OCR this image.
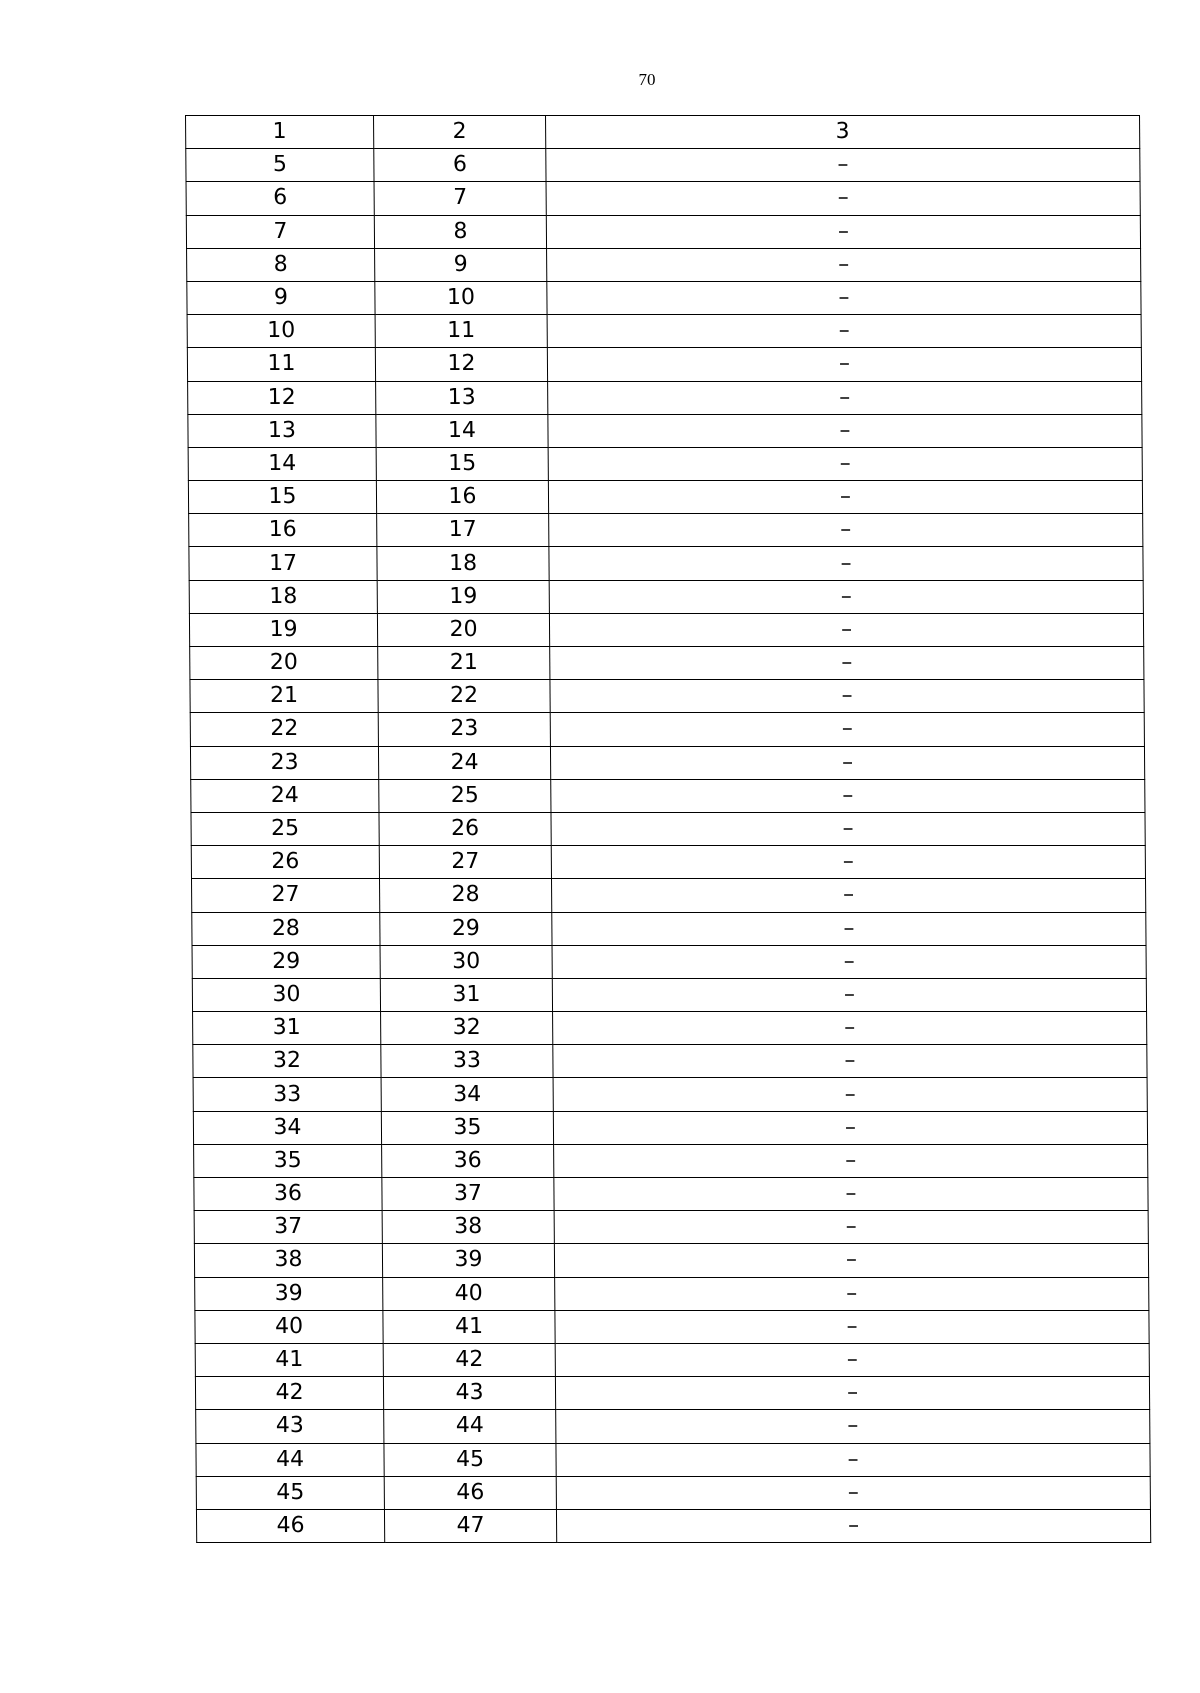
70
1	2	3
5	6	–
6	7	–
7	8	–
8	9	–
9	10	–
10	11	–
11	12	–
12	13	–
13	14	–
14	15	–
15	16	–
16	17	–
17	18	–
18	19	–
19	20	–
20	21	–
21	22	–
22	23	–
23	24	–
24	25	–
25	26	–
26	27	–
27	28	–
28	29	–
29	30	–
30	31	–
31	32	–
32	33	–
33	34	–
34	35	–
35	36	–
36	37	–
37	38	–
38	39	–
39	40	–
40	41	–
41	42	–
42	43	–
43	44	–
44	45	–
45	46	–
46	47	–
